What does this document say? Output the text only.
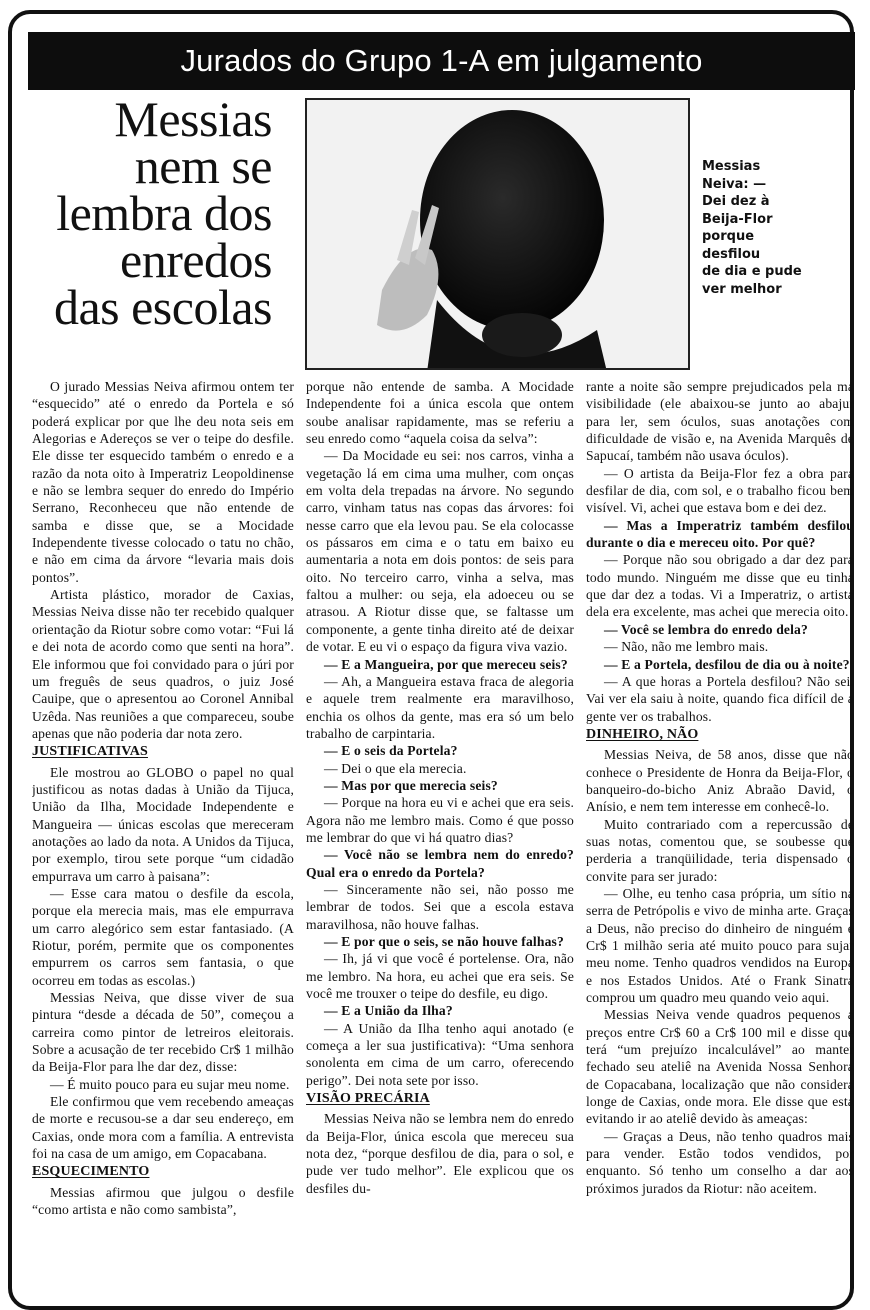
Jurados do Grupo 1-A em julgamento
Messias
nem se
lembra dos
enredos
das escolas
Messias
Neiva: —
Dei dez à
Beija-Flor
porque
desfilou
de dia e pude
ver melhor

O jurado Messias Neiva afirmou ontem ter “esquecido” até o enredo da Portela e só poderá explicar por que lhe deu nota seis em Alegorias e Adereços se ver o teipe do desfile. Ele disse ter esquecido também o enredo e a razão da nota oito à Imperatriz Leopoldinense e não se lembra sequer do enredo do Império Serrano, Reconheceu que não entende de samba e disse que, se a Mocidade Independente tivesse colocado o tatu no chão, e não em cima da árvore “levaria mais dois pontos”.

Artista plástico, morador de Caxias, Messias Neiva disse não ter recebido qualquer orientação da Riotur sobre como votar: “Fui lá e dei nota de acordo como que senti na hora”. Ele informou que foi convidado para o júri por um freguês de seus quadros, o juiz José Cauipe, que o apresentou ao Coronel Annibal Uzêda. Nas reuniões a que compareceu, soube apenas que não poderia dar nota zero.

JUSTIFICATIVAS

Ele mostrou ao GLOBO o papel no qual justificou as notas dadas à União da Tijuca, União da Ilha, Mocidade Independente e Mangueira — únicas escolas que mereceram anotações ao lado da nota. A Unidos da Tijuca, por exemplo, tirou sete porque “um cidadão empurrava um carro à paisana”:

— Esse cara matou o desfile da escola, porque ela merecia mais, mas ele empurrava um carro alegórico sem estar fantasiado. (A Riotur, porém, permite que os componentes empurrem os carros sem fantasia, o que ocorreu em todas as escolas.)

Messias Neiva, que disse viver de sua pintura “desde a década de 50”, começou a carreira como pintor de letreiros eleitorais. Sobre a acusação de ter recebido Cr$ 1 milhão da Beija-Flor para lhe dar dez, disse:

— É muito pouco para eu sujar meu nome.

Ele confirmou que vem recebendo ameaças de morte e recusou-se a dar seu endereço, em Caxias, onde mora com a família. A entrevista foi na casa de um amigo, em Copacabana.

ESQUECIMENTO

Messias afirmou que julgou o desfile “como artista e não como sambista”,

porque não entende de samba. A Mocidade Independente foi a única escola que ontem soube analisar rapidamente, mas se referiu a seu enredo como “aquela coisa da selva”:

— Da Mocidade eu sei: nos carros, vinha a vegetação lá em cima uma mulher, com onças em volta dela trepadas na árvore. No segundo carro, vinham tatus nas copas das árvores: foi nesse carro que ela levou pau. Se ela colocasse os pássaros em cima e o tatu em baixo eu aumentaria a nota em dois pontos: de seis para oito. No terceiro carro, vinha a selva, mas faltou a mulher: ou seja, ela adoeceu ou se atrasou. A Riotur disse que, se faltasse um componente, a gente tinha direito até de deixar de votar. E eu vi o espaço da figura viva vazio.

— E a Mangueira, por que mereceu seis?

— Ah, a Mangueira estava fraca de alegoria e aquele trem realmente era maravilhoso, enchia os olhos da gente, mas era só um belo trabalho de carpintaria.

— E o seis da Portela?

— Dei o que ela merecia.

— Mas por que merecia seis?

— Porque na hora eu vi e achei que era seis. Agora não me lembro mais. Como é que posso me lembrar do que vi há quatro dias?

— Você não se lembra nem do enredo? Qual era o enredo da Portela?

— Sinceramente não sei, não posso me lembrar de todos. Sei que a escola estava maravilhosa, não houve falhas.

— E por que o seis, se não houve falhas?

— Ih, já vi que você é portelense. Ora, não me lembro. Na hora, eu achei que era seis. Se você me trouxer o teipe do desfile, eu digo.

— E a União da Ilha?

— A União da Ilha tenho aqui anotado (e começa a ler sua justificativa): “Uma senhora sonolenta em cima de um carro, oferecendo perigo”. Dei nota sete por isso.

VISÃO PRECÁRIA

Messias Neiva não se lembra nem do enredo da Beija-Flor, única escola que mereceu sua nota dez, “porque desfilou de dia, para o sol, e pude ver tudo melhor”. Ele explicou que os desfiles du-

rante a noite são sempre prejudicados pela má visibilidade (ele abaixou-se junto ao abajur para ler, sem óculos, suas anotações com dificuldade de visão e, na Avenida Marquês de Sapucaí, também não usava óculos).

— O artista da Beija-Flor fez a obra para desfilar de dia, com sol, e o trabalho ficou bem visível. Vi, achei que estava bom e dei dez.

— Mas a Imperatriz também desfilou durante o dia e mereceu oito. Por quê?

— Porque não sou obrigado a dar dez para todo mundo. Ninguém me disse que eu tinha que dar dez a todas. Vi a Imperatriz, o artista dela era excelente, mas achei que merecia oito.

— Você se lembra do enredo dela?

— Não, não me lembro mais.

— E a Portela, desfilou de dia ou à noite?

— A que horas a Portela desfilou? Não sei. Vai ver ela saiu à noite, quando fica difícil de a gente ver os trabalhos.

DINHEIRO, NÃO

Messias Neiva, de 58 anos, disse que não conhece o Presidente de Honra da Beija-Flor, o banqueiro-do-bicho Aniz Abraão David, o Anísio, e nem tem interesse em conhecê-lo.

Muito contrariado com a repercussão de suas notas, comentou que, se soubesse que perderia a tranqüilidade, teria dispensado o convite para ser jurado:

— Olhe, eu tenho casa própria, um sítio na serra de Petrópolis e vivo de minha arte. Graças a Deus, não preciso do dinheiro de ninguém e Cr$ 1 milhão seria até muito pouco para sujar meu nome. Tenho quadros vendidos na Europa e nos Estados Unidos. Até o Frank Sinatra comprou um quadro meu quando veio aqui.

Messias Neiva vende quadros pequenos a preços entre Cr$ 60 a Cr$ 100 mil e disse que terá “um prejuízo incalculável” ao manter fechado seu ateliê na Avenida Nossa Senhora de Copacabana, localização que não considera longe de Caxias, onde mora. Ele disse que está evitando ir ao ateliê devido às ameaças:

— Graças a Deus, não tenho quadros mais para vender. Estão todos vendidos, por enquanto. Só tenho um conselho a dar aos próximos jurados da Riotur: não aceitem.
